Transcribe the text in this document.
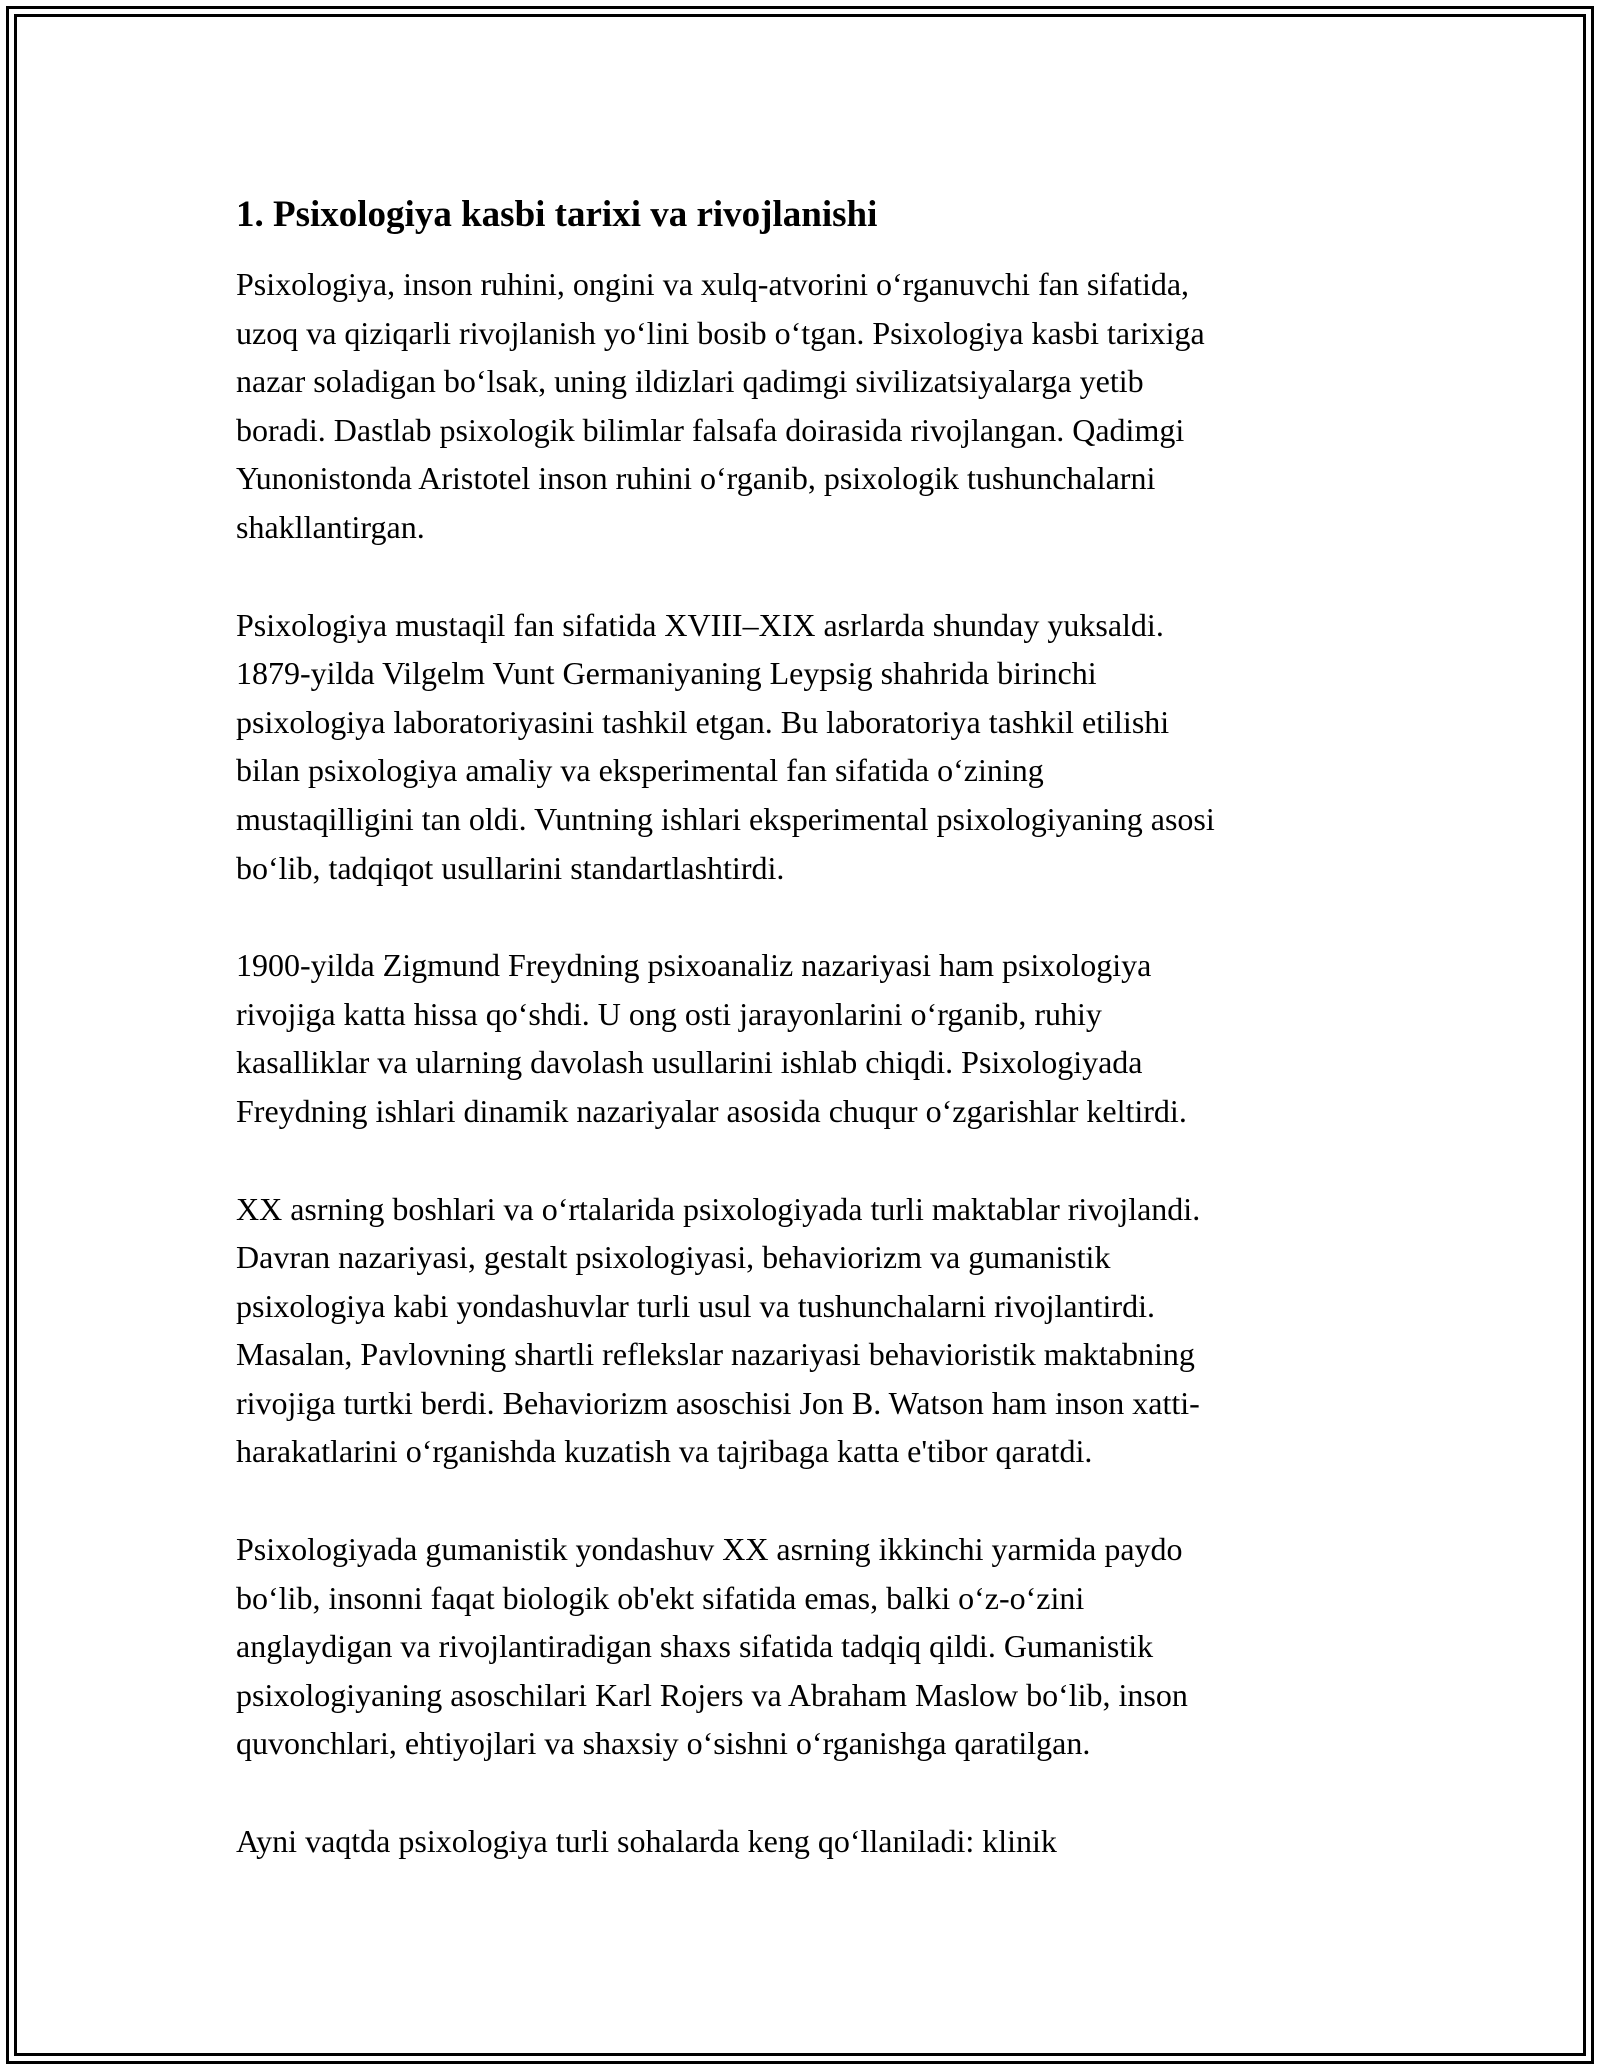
1. Psixologiya kasbi tarixi va rivojlanishi

Psixologiya, inson ruhini, ongini va xulq-atvorini o‘rganuvchi fan sifatida,
uzoq va qiziqarli rivojlanish yo‘lini bosib o‘tgan. Psixologiya kasbi tarixiga
nazar soladigan bo‘lsak, uning ildizlari qadimgi sivilizatsiyalarga yetib
boradi. Dastlab psixologik bilimlar falsafa doirasida rivojlangan. Qadimgi
Yunonistonda Aristotel inson ruhini o‘rganib, psixologik tushunchalarni
shakllantirgan.

Psixologiya mustaqil fan sifatida XVIII–XIX asrlarda shunday yuksaldi.
1879-yilda Vilgelm Vunt Germaniyaning Leypsig shahrida birinchi
psixologiya laboratoriyasini tashkil etgan. Bu laboratoriya tashkil etilishi
bilan psixologiya amaliy va eksperimental fan sifatida o‘zining
mustaqilligini tan oldi. Vuntning ishlari eksperimental psixologiyaning asosi
bo‘lib, tadqiqot usullarini standartlashtirdi.

1900-yilda Zigmund Freydning psixoanaliz nazariyasi ham psixologiya
rivojiga katta hissa qo‘shdi. U ong osti jarayonlarini o‘rganib, ruhiy
kasalliklar va ularning davolash usullarini ishlab chiqdi. Psixologiyada
Freydning ishlari dinamik nazariyalar asosida chuqur o‘zgarishlar keltirdi.

XX asrning boshlari va o‘rtalarida psixologiyada turli maktablar rivojlandi.
Davran nazariyasi, gestalt psixologiyasi, behaviorizm va gumanistik
psixologiya kabi yondashuvlar turli usul va tushunchalarni rivojlantirdi.
Masalan, Pavlovning shartli reflekslar nazariyasi behavioristik maktabning
rivojiga turtki berdi. Behaviorizm asoschisi Jon B. Watson ham inson xatti-
harakatlarini o‘rganishda kuzatish va tajribaga katta e'tibor qaratdi.

Psixologiyada gumanistik yondashuv XX asrning ikkinchi yarmida paydo
bo‘lib, insonni faqat biologik ob'ekt sifatida emas, balki o‘z-o‘zini
anglaydigan va rivojlantiradigan shaxs sifatida tadqiq qildi. Gumanistik
psixologiyaning asoschilari Karl Rojers va Abraham Maslow bo‘lib, inson
quvonchlari, ehtiyojlari va shaxsiy o‘sishni o‘rganishga qaratilgan.

Ayni vaqtda psixologiya turli sohalarda keng qo‘llaniladi: klinik
